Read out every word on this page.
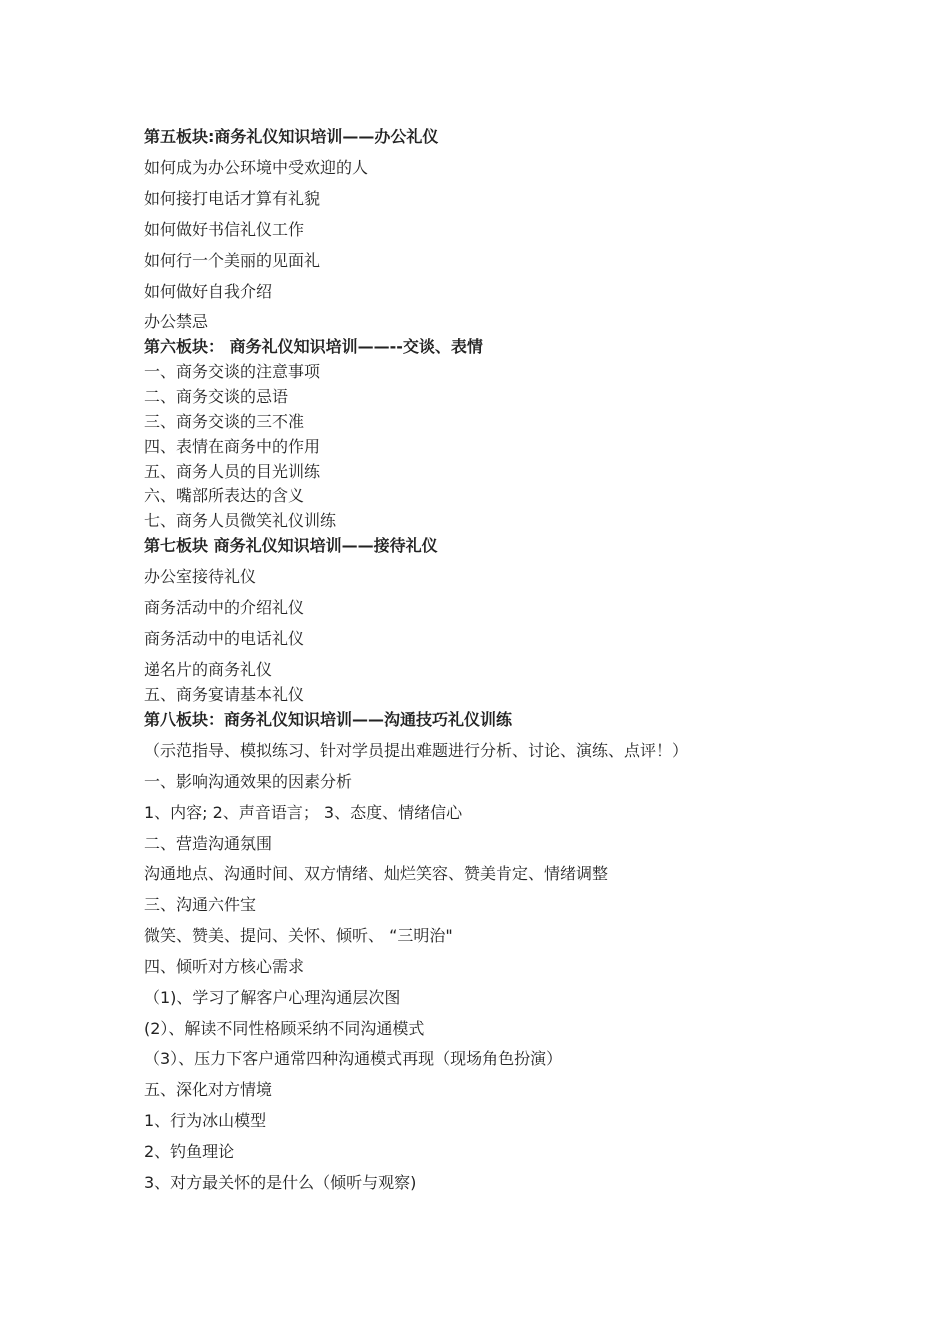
第五板块:商务礼仪知识培训——办公礼仪
如何成为办公环境中受欢迎的人
如何接打电话才算有礼貌
如何做好书信礼仪工作
如何行一个美丽的见面礼
如何做好自我介绍
办公禁忌
第六板块： 商务礼仪知识培训——--交谈、表情
一、商务交谈的注意事项
二、商务交谈的忌语
三、商务交谈的三不准
四、表情在商务中的作用
五、商务人员的目光训练
六、嘴部所表达的含义
七、商务人员微笑礼仪训练
第七板块 商务礼仪知识培训——接待礼仪
办公室接待礼仪
商务活动中的介绍礼仪
商务活动中的电话礼仪
递名片的商务礼仪
五、商务宴请基本礼仪
第八板块：商务礼仪知识培训——沟通技巧礼仪训练
（示范指导、模拟练习、针对学员提出难题进行分析、讨论、演练、点评！）
一、影响沟通效果的因素分析
1、内容; 2、声音语言； 3、态度、情绪信心
二、营造沟通氛围
沟通地点、沟通时间、双方情绪、灿烂笑容、赞美肯定、情绪调整
三、沟通六件宝
微笑、赞美、提问、关怀、倾听、 “三明治"
四、倾听对方核心需求
（1)、学习了解客户心理沟通层次图
(2）、解读不同性格顾采纳不同沟通模式
（3）、压力下客户通常四种沟通模式再现（现场角色扮演）
五、深化对方情境
1、行为冰山模型
2、钓鱼理论
3、对方最关怀的是什么（倾听与观察)
